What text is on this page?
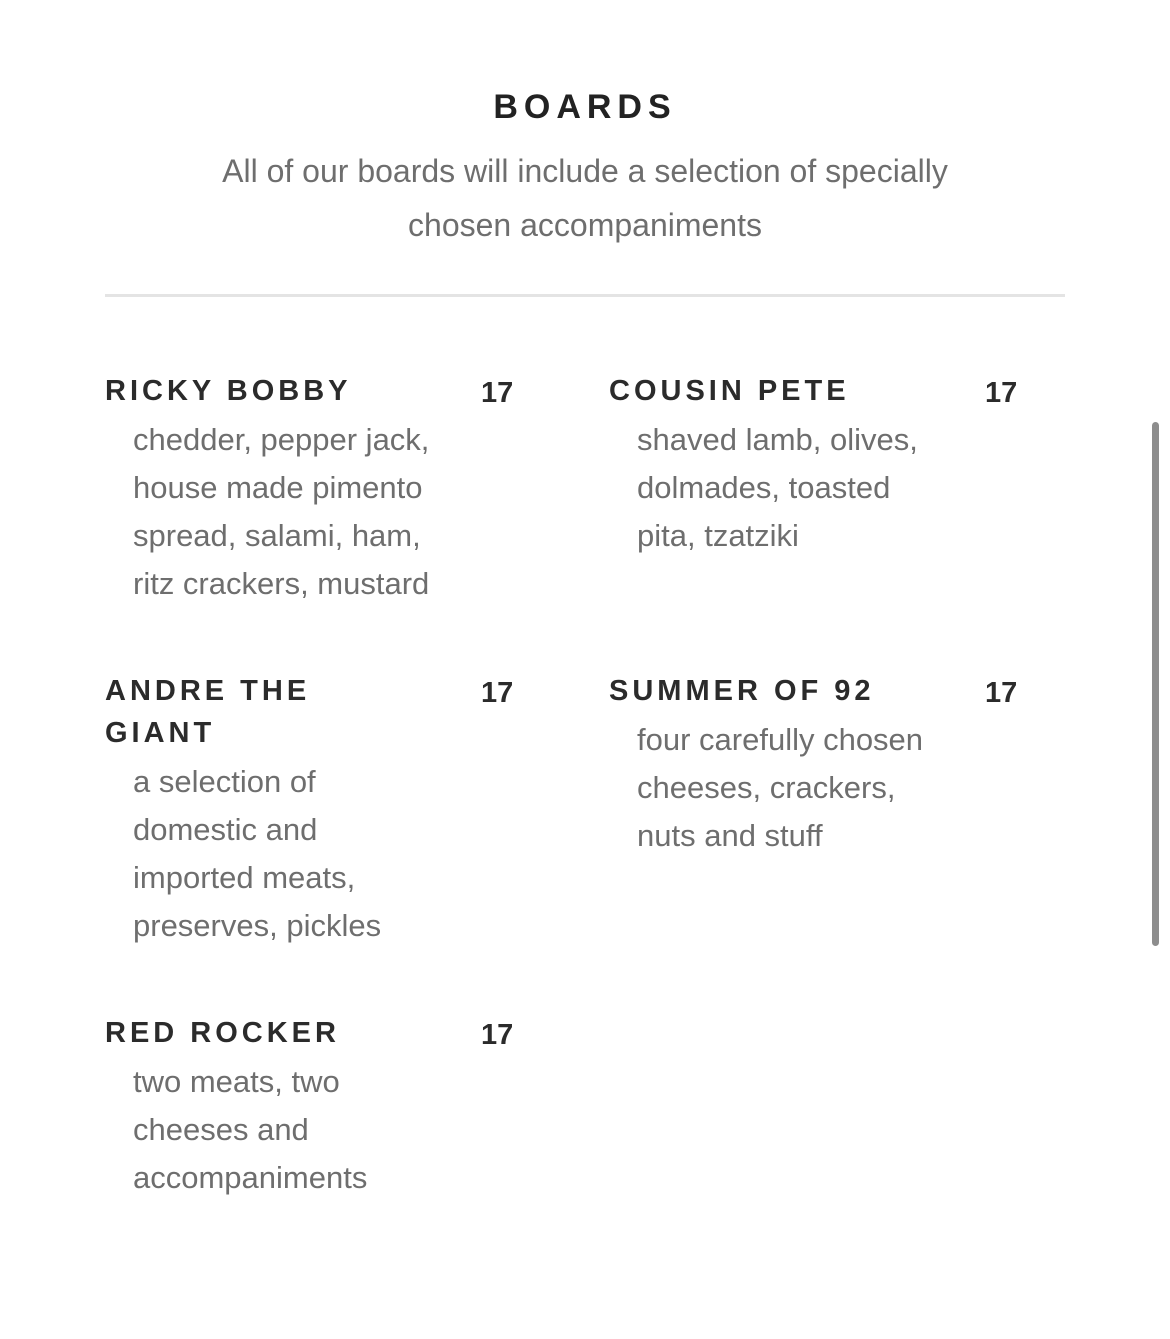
BOARDS

All of our boards will include a selection of specially chosen accompaniments

RICKY BOBBY	17
chedder, pepper jack, house made pimento spread, salami, ham, ritz crackers, mustard
COUSIN PETE	17
shaved lamb, olives, dolmades, toasted pita, tzatziki
ANDRE THE GIANT
17
a selection of domestic and imported meats, preserves, pickles
SUMMER OF 92	17
four carefully chosen cheeses, crackers, nuts and stuff
RED ROCKER	17
two meats, two cheeses and accompaniments
